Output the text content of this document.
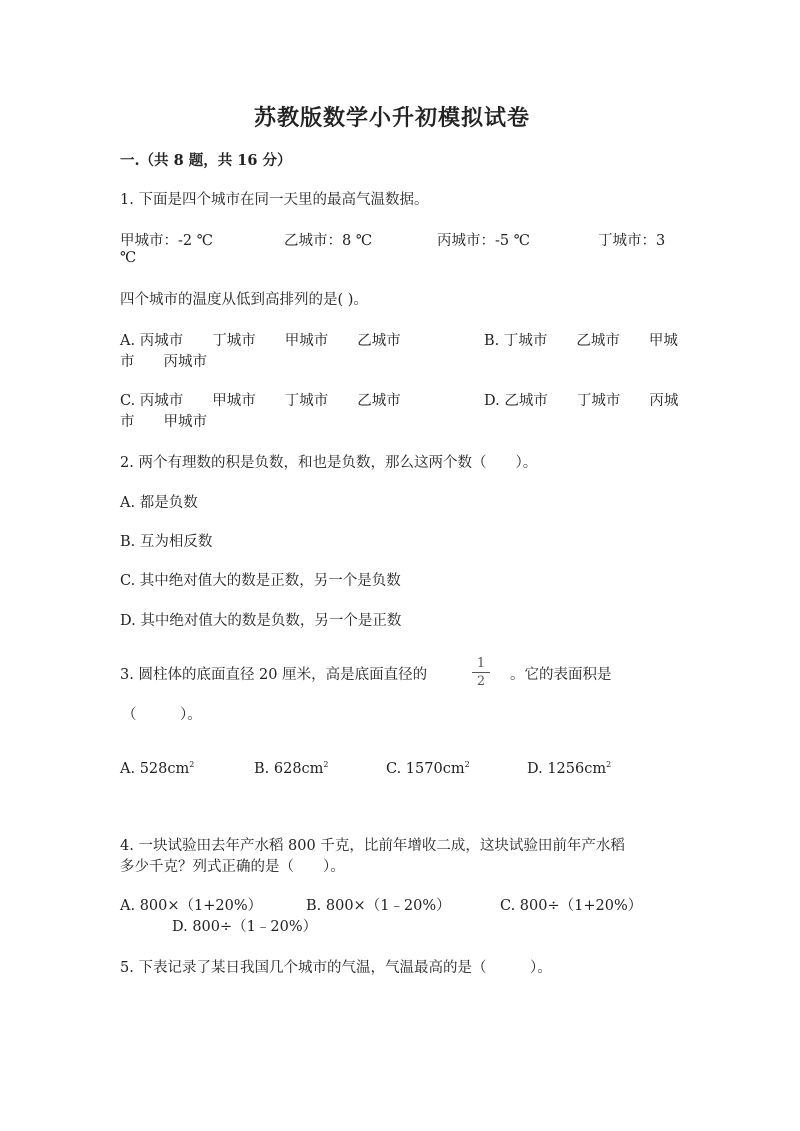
苏教版数学小升初模拟试卷
一.（共 8 题，共 16 分）
1. 下面是四个城市在同一天里的最高气温数据。
甲城市：-2 ℃	乙城市：8 ℃	丙城市：-5 ℃	丁城市：3
℃
四个城市的温度从低到高排列的是( )。
A. 丙城市　　丁城市　　甲城市　　乙城市	B. 丁城市　　乙城市　　甲城
市　　丙城市
C. 丙城市　　甲城市　　丁城市　　乙城市	D. 乙城市　　丁城市　　丙城
市　　甲城市
2. 两个有理数的积是负数，和也是负数，那么这两个数（　　）。
A. 都是负数
B. 互为相反数
C. 其中绝对值大的数是正数，另一个是负数
D. 其中绝对值大的数是负数，另一个是正数
3. 圆柱体的底面直径 20 厘米，高是底面直径的
1
2	。它的表面积是
（　　　）。
A. $528cm^2$	B. $628cm^2$	C. $1570cm^2$	D. $1256cm^2$
4. 一块试验田去年产水稻 800 千克，比前年增收二成，这块试验田前年产水稻
多少千克？列式正确的是（　　）。
A. 800×（1+20%）	B. 800×（1﹣20%）	C. 800÷（1+20%）
D. 800÷（1﹣20%）
5. 下表记录了某日我国几个城市的气温，气温最高的是（　　　）。
